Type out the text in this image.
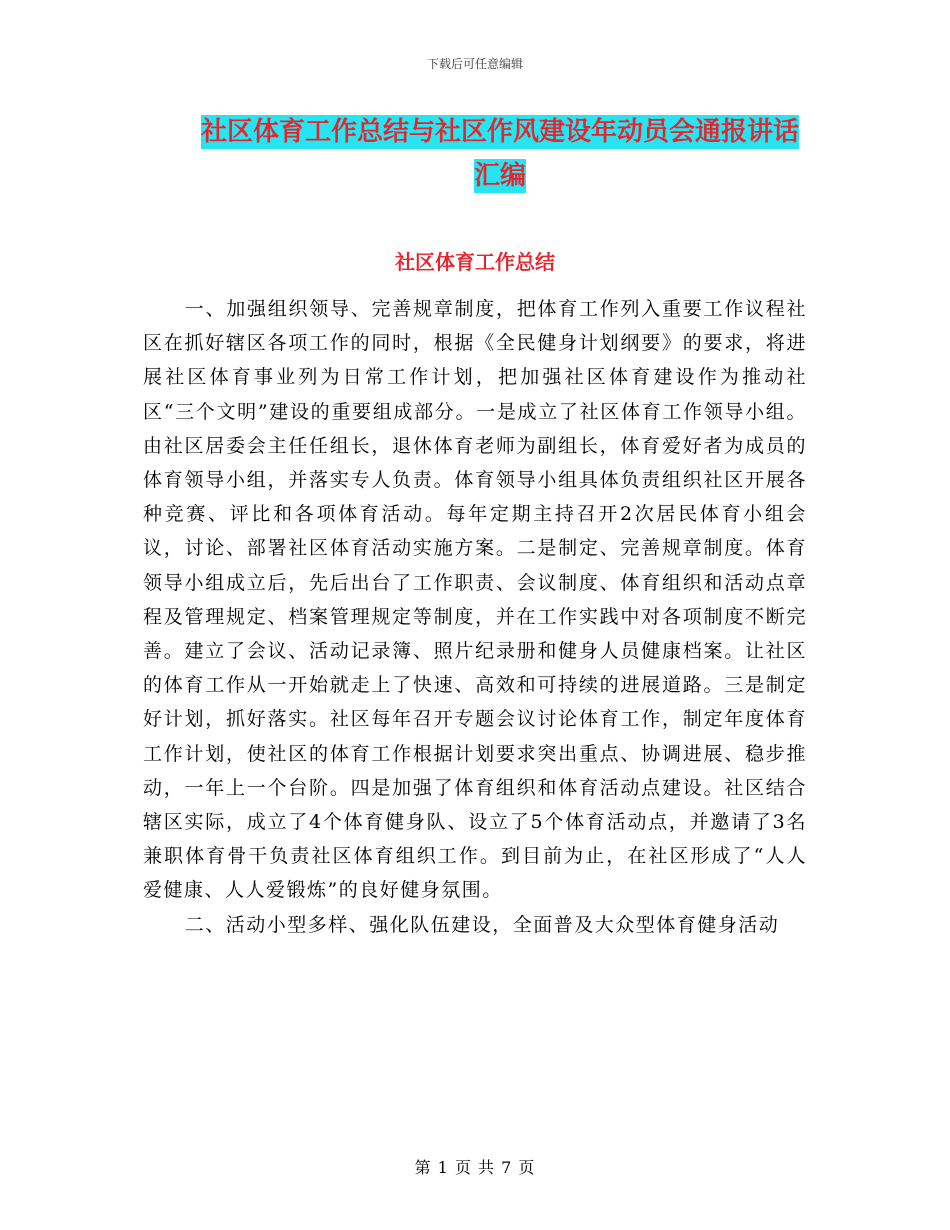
下载后可任意编辑
社区体育工作总结与社区作风建设年动员会通报讲话
汇编
社区体育工作总结

一、加强组织领导、完善规章制度，把体育工作列入重要工作议程社区在抓好辖区各项工作的同时，根据《全民健身计划纲要》的要求，将进展社区体育事业列为日常工作计划，把加强社区体育建设作为推动社区“三个文明”建设的重要组成部分。一是成立了社区体育工作领导小组。由社区居委会主任任组长，退休体育老师为副组长，体育爱好者为成员的体育领导小组，并落实专人负责。体育领导小组具体负责组织社区开展各种竞赛、评比和各项体育活动。每年定期主持召开2次居民体育小组会议，讨论、部署社区体育活动实施方案。二是制定、完善规章制度。体育领导小组成立后，先后出台了工作职责、会议制度、体育组织和活动点章程及管理规定、档案管理规定等制度，并在工作实践中对各项制度不断完善。建立了会议、活动记录簿、照片纪录册和健身人员健康档案。让社区的体育工作从一开始就走上了快速、高效和可持续的进展道路。三是制定好计划，抓好落实。社区每年召开专题会议讨论体育工作，制定年度体育工作计划，使社区的体育工作根据计划要求突出重点、协调进展、稳步推动，一年上一个台阶。四是加强了体育组织和体育活动点建设。社区结合辖区实际，成立了4个体育健身队、设立了5个体育活动点，并邀请了3名兼职体育骨干负责社区体育组织工作。到目前为止，在社区形成了“人人爱健康、人人爱锻炼”的良好健身氛围。

二、活动小型多样、强化队伍建设，全面普及大众型体育健身活动

第 1 页 共 7 页
